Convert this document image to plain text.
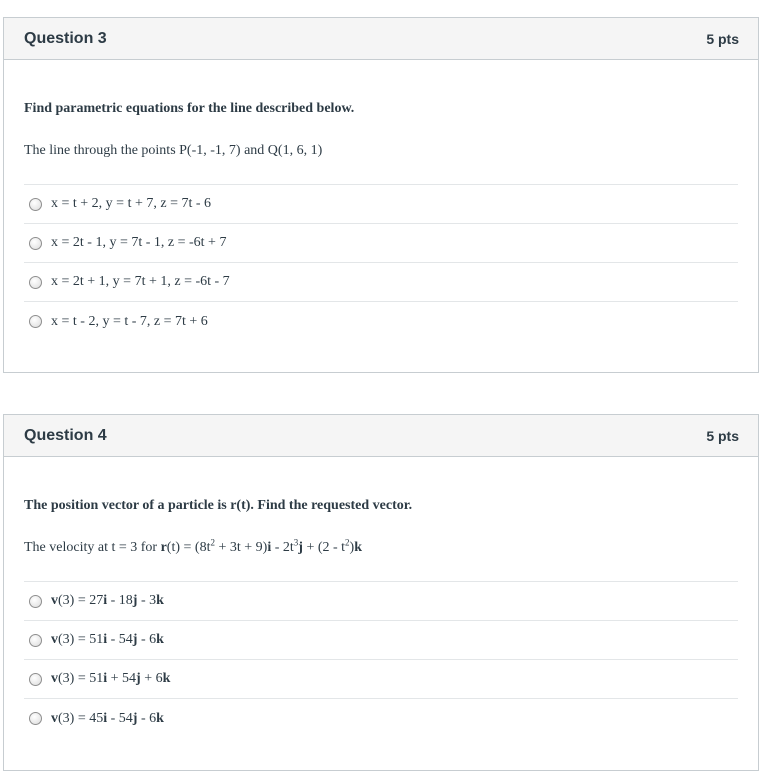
Question 3	5 pts

Find parametric equations for the line described below.

The line through the points P(-1, -1, 7) and Q(1, 6, 1)

x = t + 2, y = t + 7, z = 7t - 6
x = 2t - 1, y = 7t - 1, z = -6t + 7
x = 2t + 1, y = 7t + 1, z = -6t - 7
x = t - 2, y = t - 7, z = 7t + 6
Question 4	5 pts

The position vector of a particle is r(t). Find the requested vector.

The velocity at t = 3 for $r(t) = (8t^2 + 3t + 9)i - 2t^3j + (2 - t^2)k$

v(3) = 27i - 18j - 3k
v(3) = 51i - 54j - 6k
v(3) = 51i + 54j + 6k
v(3) = 45i - 54j - 6k
